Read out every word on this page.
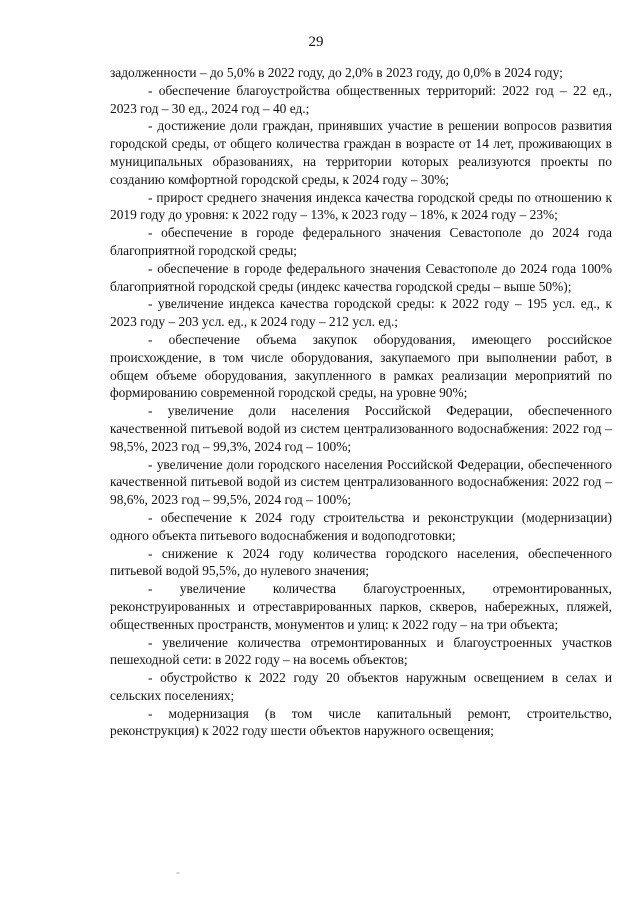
29

задолженности – до 5,0% в 2022 году, до 2,0% в 2023 году, до 0,0% в 2024 году;

- обеспечение благоустройства общественных территорий: 2022 год – 22 ед., 2023 год – 30 ед., 2024 год – 40 ед.;

- достижение доли граждан, принявших участие в решении вопросов развития городской среды, от общего количества граждан в возрасте от 14 лет, проживающих в муниципальных образованиях, на территории которых реализуются проекты по созданию комфортной городской среды, к 2024 году – 30%;

- прирост среднего значения индекса качества городской среды по отношению к 2019 году до уровня: к 2022 году – 13%, к 2023 году – 18%, к 2024 году – 23%;

- обеспечение в городе федерального значения Севастополе до 2024 года благоприятной городской среды;

- обеспечение в городе федерального значения Севастополе до 2024 года 100% благоприятной городской среды (индекс качества городской среды – выше 50%);

- увеличение индекса качества городской среды: к 2022 году – 195 усл. ед., к 2023 году – 203 усл. ед., к 2024 году – 212 усл. ед.;

- обеспечение объема закупок оборудования, имеющего российское происхождение, в том числе оборудования, закупаемого при выполнении работ, в общем объеме оборудования, закупленного в рамках реализации мероприятий по формированию современной городской среды, на уровне 90%;

- увеличение доли населения Российской Федерации, обеспеченного качественной питьевой водой из систем централизованного водоснабжения: 2022 год – 98,5%, 2023 год – 99,3%, 2024 год – 100%;

- увеличение доли городского населения Российской Федерации, обеспеченного качественной питьевой водой из систем централизованного водоснабжения: 2022 год – 98,6%, 2023 год – 99,5%, 2024 год – 100%;

- обеспечение к 2024 году строительства и реконструкции (модернизации) одного объекта питьевого водоснабжения и водоподготовки;

- снижение к 2024 году количества городского населения, обеспеченного питьевой водой 95,5%, до нулевого значения;

- увеличение количества благоустроенных, отремонтированных, реконструированных и отреставрированных парков, скверов, набережных, пляжей, общественных пространств, монументов и улиц: к 2022 году – на три объекта;

- увеличение количества отремонтированных и благоустроенных участков пешеходной сети: в 2022 году – на восемь объектов;

- обустройство к 2022 году 20 объектов наружным освещением в селах и сельских поселениях;

- модернизация (в том числе капитальный ремонт, строительство, реконструкция) к 2022 году шести объектов наружного освещения;
